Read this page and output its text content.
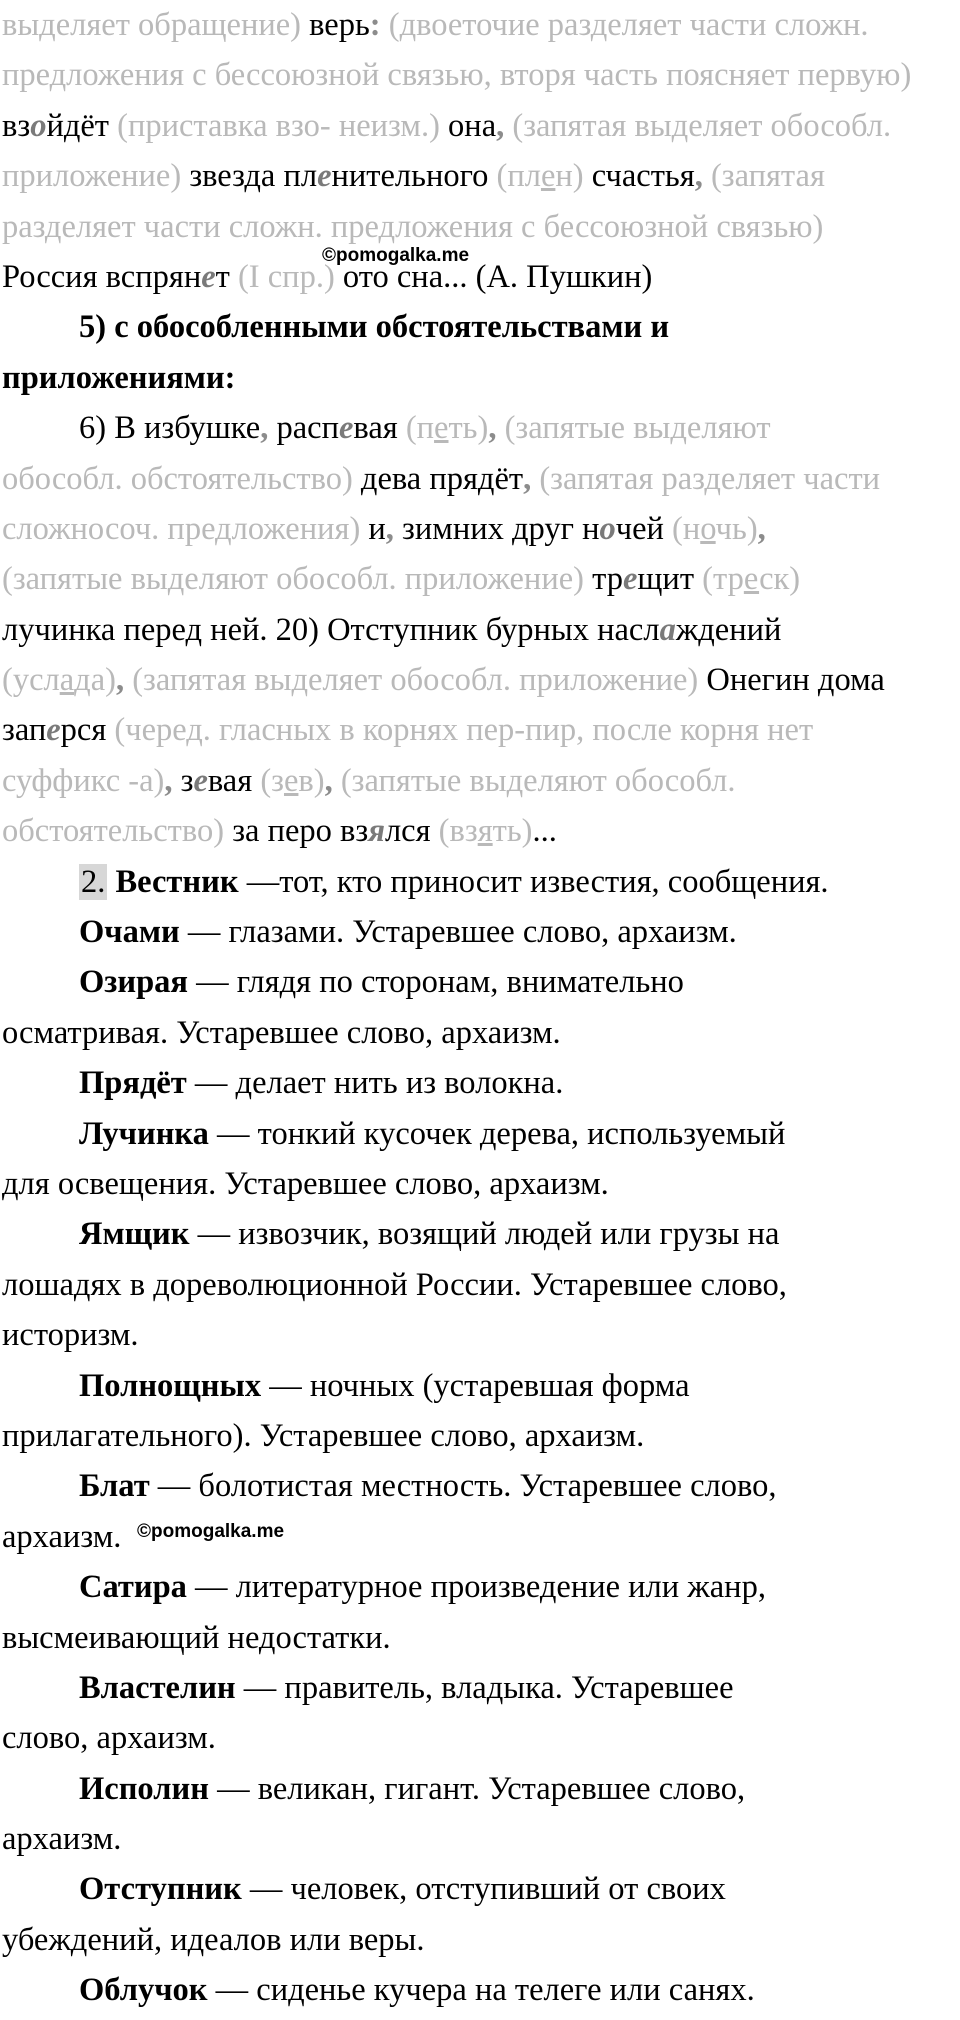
выделяет обращение) верь: (двоеточие разделяет части сложн.
предложения с бессоюзной связью, вторя часть поясняет первую)
взойдёт (приставка взо- неизм.) она, (запятая выделяет обособл.
приложение) звезда пленительного (плен) счастья, (запятая
разделяет части сложн. предложения с бессоюзной связью)
Россия вспрянет (I спр.) ото сна... (А. Пушкин)
5) с обособленными обстоятельствами и
приложениями:
6) В избушке, распевая (петь), (запятые выделяют
обособл. обстоятельство) дева прядёт, (запятая разделяет части
сложносоч. предложения) и, зимних друг ночей (ночь),
(запятые выделяют обособл. приложение) трещит (треск)
лучинка перед ней. 20) Отступник бурных наслаждений
(услада), (запятая выделяет обособл. приложение) Онегин дома
заперся (черед. гласных в корнях пер-пир, после корня нет
суффикс -а), зевая (зев), (запятые выделяют обособл.
обстоятельство) за перо взялся (взять)...
2. Вестник —тот, кто приносит известия, сообщения.
Очами — глазами. Устаревшее слово, архаизм.
Озирая — глядя по сторонам, внимательно
осматривая. Устаревшее слово, архаизм.
Прядёт — делает нить из волокна.
Лучинка — тонкий кусочек дерева, используемый
для освещения. Устаревшее слово, архаизм.
Ямщик — извозчик, возящий людей или грузы на
лошадях в дореволюционной России. Устаревшее слово,
историзм.
Полнощных — ночных (устаревшая форма
прилагательного). Устаревшее слово, архаизм.
Блат — болотистая местность. Устаревшее слово,
архаизм.
Сатира — литературное произведение или жанр,
высмеивающий недостатки.
Властелин — правитель, владыка. Устаревшее
слово, архаизм.
Исполин — великан, гигант. Устаревшее слово,
архаизм.
Отступник — человек, отступивший от своих
убеждений, идеалов или веры.
Облучок — сиденье кучера на телеге или санях.
©pomogalka.me
©pomogalka.me
